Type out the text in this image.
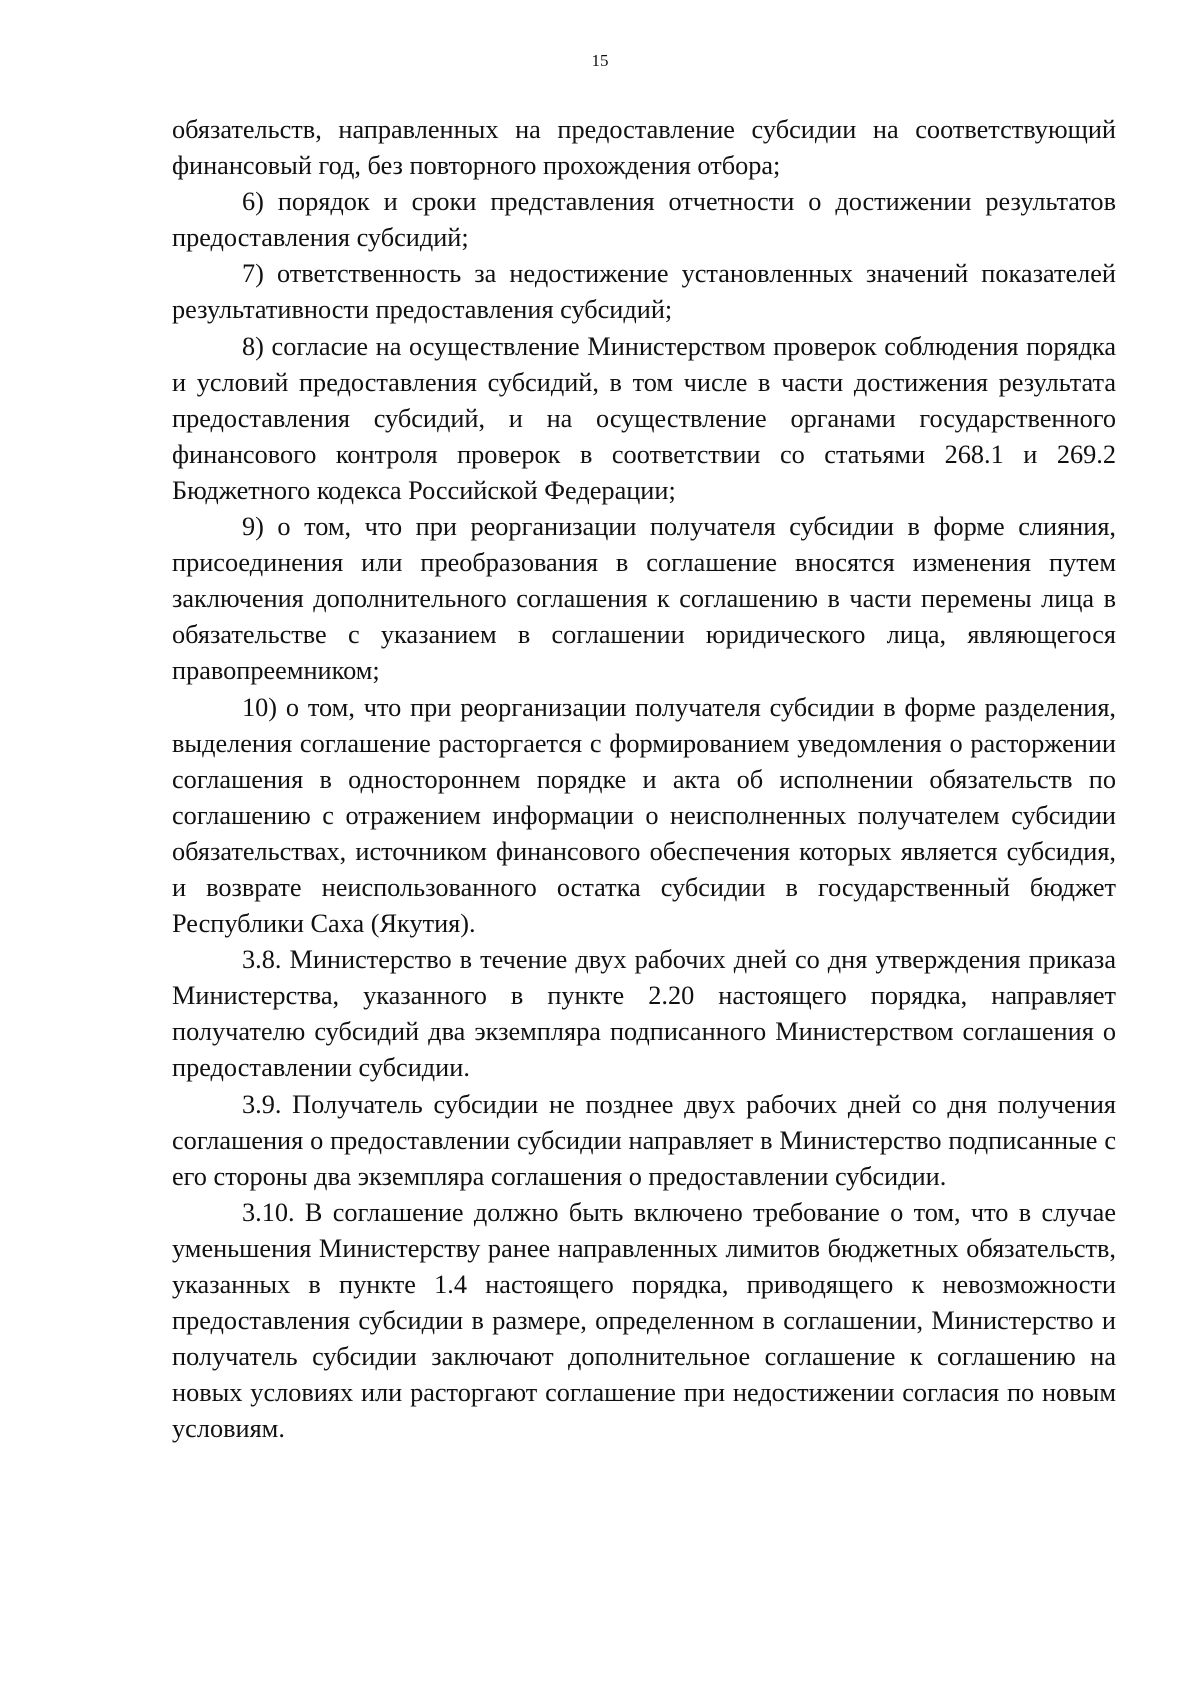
15

обязательств, направленных на предоставление субсидии на соответствующий финансовый год, без повторного прохождения отбора;

6) порядок и сроки представления отчетности о достижении результатов предоставления субсидий;

7) ответственность за недостижение установленных значений показателей результативности предоставления субсидий;

8) согласие на осуществление Министерством проверок соблюдения порядка и условий предоставления субсидий, в том числе в части достижения результата предоставления субсидий, и на осуществление органами государственного финансового контроля проверок в соответствии со статьями 268.1 и 269.2 Бюджетного кодекса Российской Федерации;

9) о том, что при реорганизации получателя субсидии в форме слияния, присоединения или преобразования в соглашение вносятся изменения путем заключения дополнительного соглашения к соглашению в части перемены лица в обязательстве с указанием в соглашении юридического лица, являющегося правопреемником;

10) о том, что при реорганизации получателя субсидии в форме разделения, выделения соглашение расторгается с формированием уведомления о расторжении соглашения в одностороннем порядке и акта об исполнении обязательств по соглашению с отражением информации о неисполненных получателем субсидии обязательствах, источником финансового обеспечения которых является субсидия, и возврате неиспользованного остатка субсидии в государственный бюджет Республики Саха (Якутия).

3.8. Министерство в течение двух рабочих дней со дня утверждения приказа Министерства, указанного в пункте 2.20 настоящего порядка, направляет получателю субсидий два экземпляра подписанного Министерством соглашения о предоставлении субсидии.

3.9. Получатель субсидии не позднее двух рабочих дней со дня получения соглашения о предоставлении субсидии направляет в Министерство подписанные с его стороны два экземпляра соглашения о предоставлении субсидии.

3.10. В соглашение должно быть включено требование о том, что в случае уменьшения Министерству ранее направленных лимитов бюджетных обязательств, указанных в пункте 1.4 настоящего порядка, приводящего к невозможности предоставления субсидии в размере, определенном в соглашении, Министерство и получатель субсидии заключают дополнительное соглашение к соглашению на новых условиях или расторгают соглашение при недостижении согласия по новым условиям.
